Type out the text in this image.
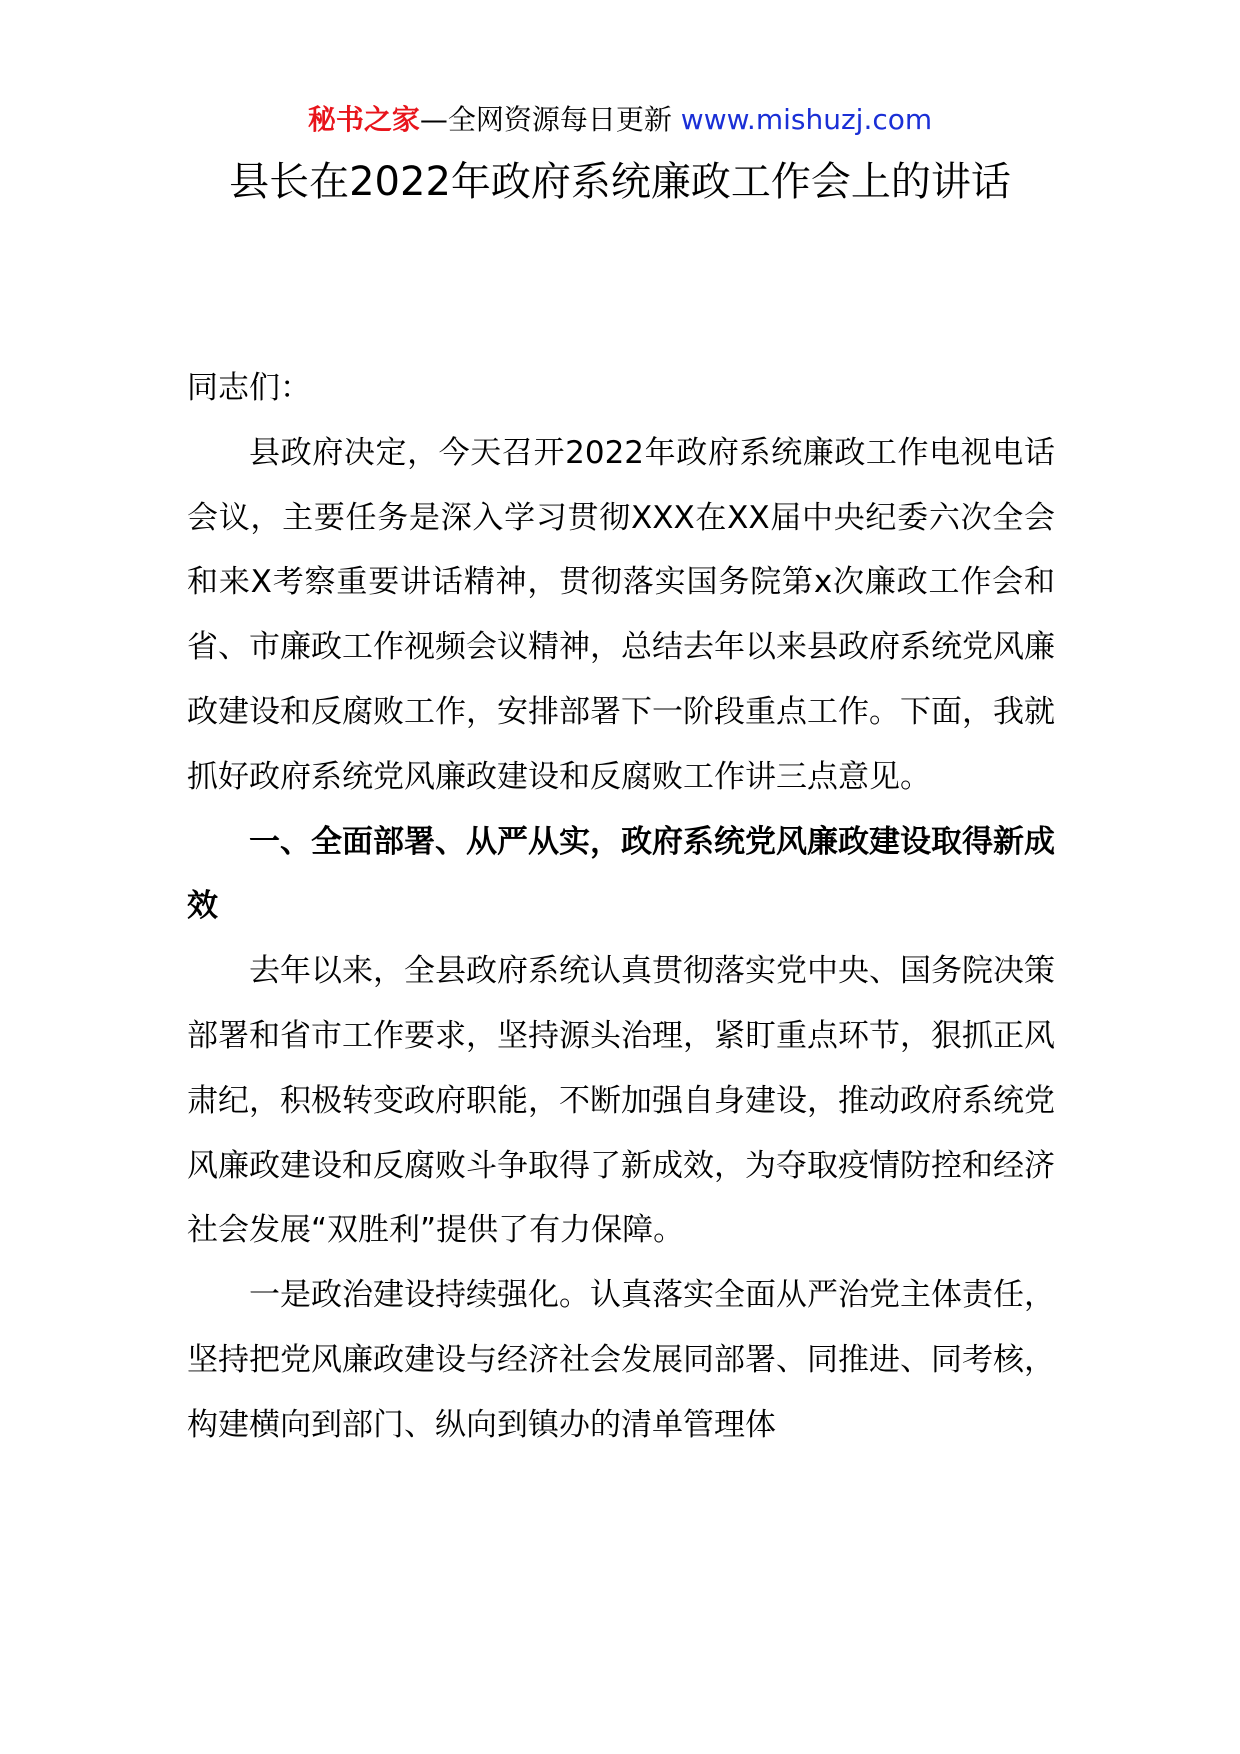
秘书之家—全网资源每日更新 www.mishuzj.com
县长在2022年政府系统廉政工作会上的讲话

同志们：

县政府决定，今天召开2022年政府系统廉政工作电视电话会议，主要任务是深入学习贯彻XXX在XX届中央纪委六次全会和来X考察重要讲话精神，贯彻落实国务院第x次廉政工作会和省、市廉政工作视频会议精神，总结去年以来县政府系统党风廉政建设和反腐败工作，安排部署下一阶段重点工作。下面，我就抓好政府系统党风廉政建设和反腐败工作讲三点意见。

一、全面部署、从严从实，政府系统党风廉政建设取得新成效

去年以来，全县政府系统认真贯彻落实党中央、国务院决策部署和省市工作要求，坚持源头治理，紧盯重点环节，狠抓正风肃纪，积极转变政府职能，不断加强自身建设，推动政府系统党风廉政建设和反腐败斗争取得了新成效，为夺取疫情防控和经济社会发展“双胜利”提供了有力保障。

一是政治建设持续强化。认真落实全面从严治党主体责任，坚持把党风廉政建设与经济社会发展同部署、同推进、同考核，构建横向到部门、纵向到镇办的清单管理体
